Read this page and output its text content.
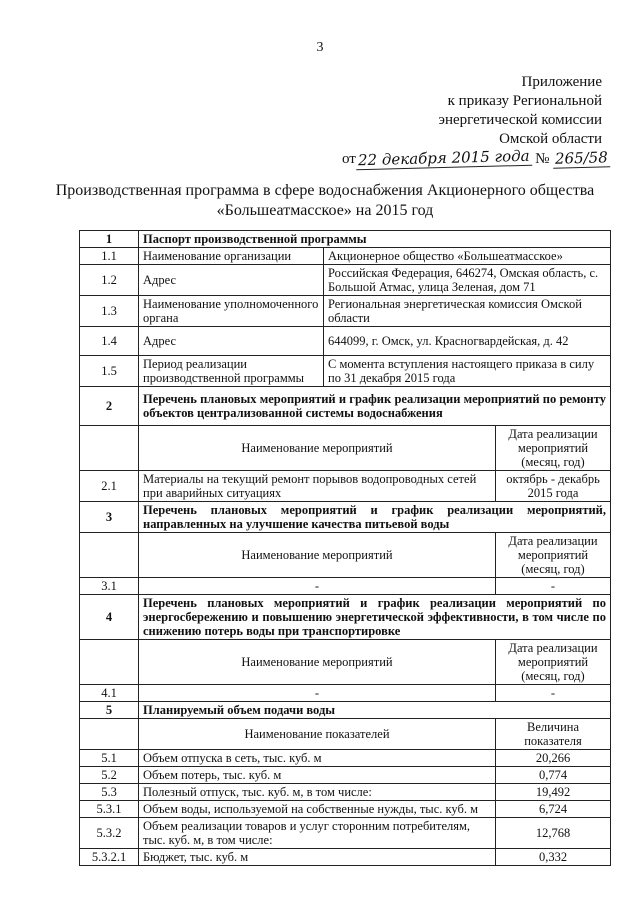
3
Приложение
к приказу Региональной
энергетической комиссии
Омской области
от 22 декабря 2015 года № 265/58
Производственная программа в сфере водоснабжения Акционерного общества
«Большеатмасское» на 2015 год
1	Паспорт производственной программы		
1.1	Наименование организации	Акционерное общество «Большеатмасское»	
1.2	Адрес	Российская Федерация, 646274, Омская область, с. Большой Атмас, улица Зеленая, дом 71	
1.3	Наименование уполномоченного органа	Региональная энергетическая комиссия Омской области	
1.4	Адрес	644099, г. Омск, ул. Красногвардейская, д. 42	
1.5	Период реализации производственной программы	С момента вступления настоящего приказа в силу по 31 декабря 2015 года	
2	Перечень плановых мероприятий и график реализации мероприятий по ремонту объектов централизованной системы водоснабжения		
	Наименование мероприятий		Дата реализации мероприятий (месяц, год)
2.1	Материалы на текущий ремонт порывов водопроводных сетей при аварийных ситуациях		октябрь - декабрь 2015 года
3	Перечень плановых мероприятий и график реализации мероприятий, направленных на улучшение качества питьевой воды		
	Наименование мероприятий		Дата реализации мероприятий (месяц, год)
3.1	-		-
4	Перечень плановых мероприятий и график реализации мероприятий по энергосбережению и повышению энергетической эффективности, в том числе по снижению потерь воды при транспортировке		
	Наименование мероприятий		Дата реализации мероприятий (месяц, год)
4.1	-		-
5	Планируемый объем подачи воды		
	Наименование показателей		Величина показателя
5.1	Объем отпуска в сеть, тыс. куб. м		20,266
5.2	Объем потерь, тыс. куб. м		0,774
5.3	Полезный отпуск, тыс. куб. м, в том числе:		19,492
5.3.1	Объем воды, используемой на собственные нужды, тыс. куб. м		6,724
5.3.2	Объем реализации товаров и услуг сторонним потребителям, тыс. куб. м, в том числе:		12,768
5.3.2.1	Бюджет, тыс. куб. м		0,332
